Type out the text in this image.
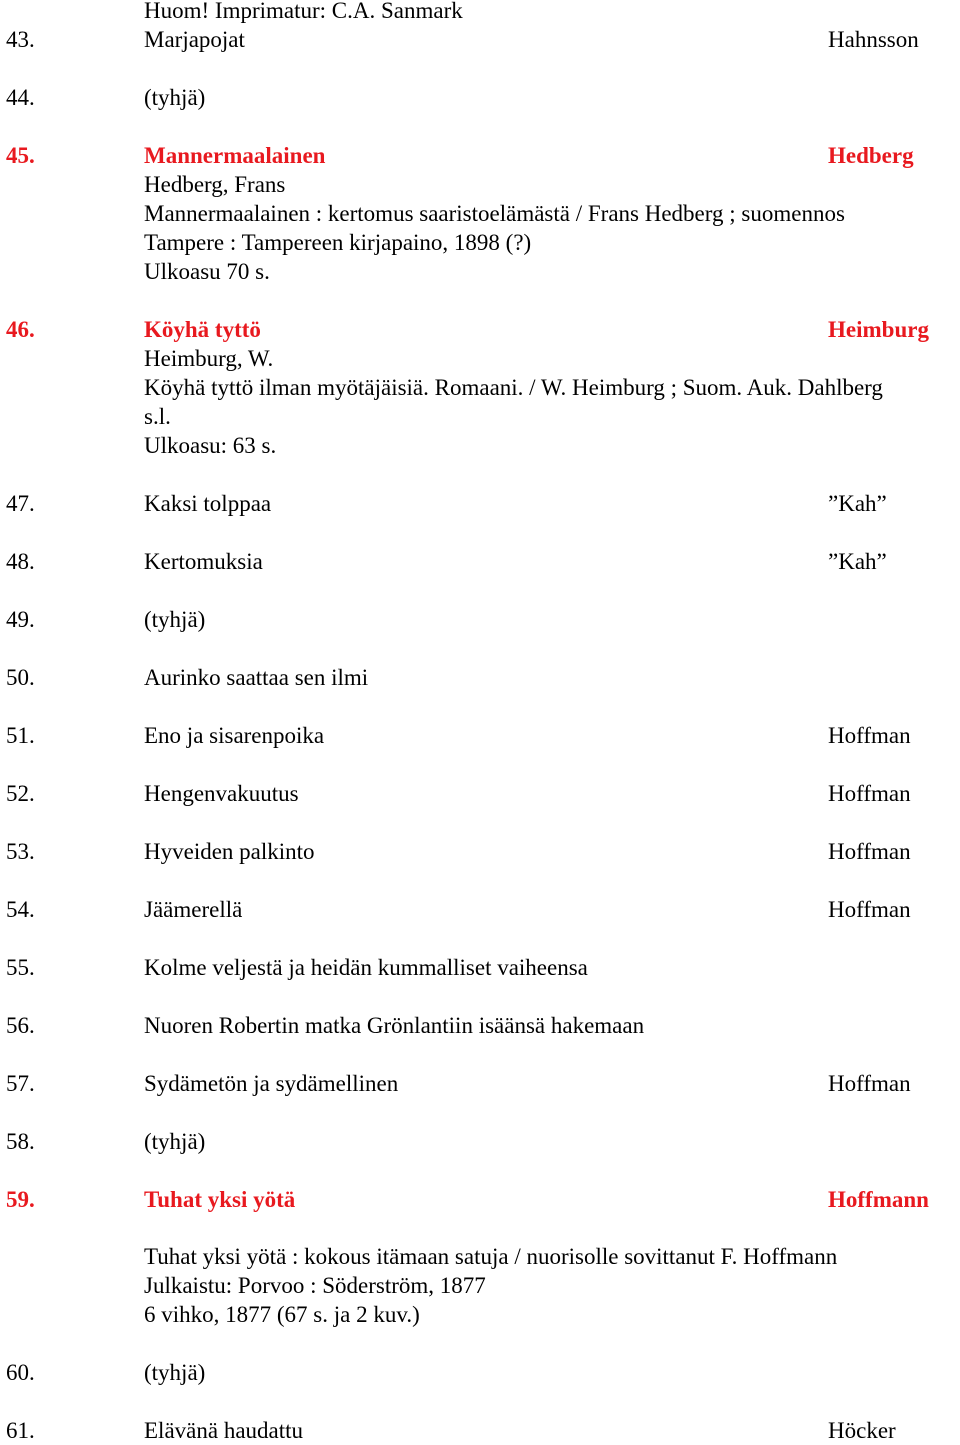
Huom! Imprimatur: C.A. Sanmark
43.	Marjapojat	Hahnsson
44.	(tyhjä)
45.	Mannermaalainen	Hedberg
Hedberg, Frans
Mannermaalainen : kertomus saaristoelämästä / Frans Hedberg ; suomennos
Tampere : Tampereen kirjapaino, 1898 (?)
Ulkoasu 70 s.
46.	Köyhä tyttö	Heimburg
Heimburg, W.
Köyhä tyttö ilman myötäjäisiä. Romaani. / W. Heimburg ; Suom. Auk. Dahlberg
s.l.
Ulkoasu: 63 s.
47.	Kaksi tolppaa	”Kah”
48.	Kertomuksia	”Kah”
49.	(tyhjä)
50.	Aurinko saattaa sen ilmi
51.	Eno ja sisarenpoika	Hoffman
52.	Hengenvakuutus	Hoffman
53.	Hyveiden palkinto	Hoffman
54.	Jäämerellä	Hoffman
55.	Kolme veljestä ja heidän kummalliset vaiheensa
56.	Nuoren Robertin matka Grönlantiin isäänsä hakemaan
57.	Sydämetön ja sydämellinen	Hoffman
58.	(tyhjä)
59.	Tuhat yksi yötä	Hoffmann
Tuhat yksi yötä : kokous itämaan satuja / nuorisolle sovittanut F. Hoffmann
Julkaistu: Porvoo : Söderström, 1877
6 vihko, 1877 (67 s. ja 2 kuv.)
60.	(tyhjä)
61.	Elävänä haudattu	Höcker
